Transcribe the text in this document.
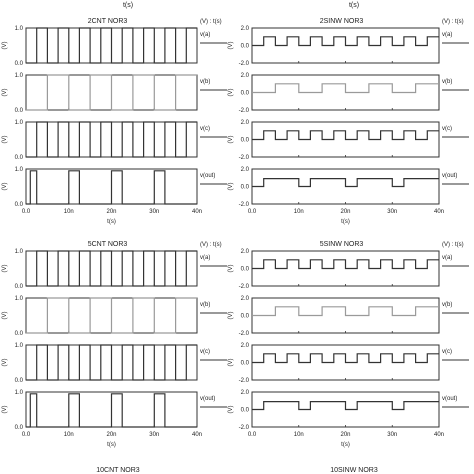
t(s)	t(s)
2CNT NOR3	(V) : t(s)
1.0
0.0
(V)
v(a)
1.0
0.0
(V)
v(b)
1.0
0.0
(V)
v(c)
1.0
0.0
(V)
v(out)
0.0	10n	20n	30n	40n
t(s)
2SINW NOR3	(V) : t(s)
2.0
0.0
-2.0
(V)
v(a)
2.0
0.0
-2.0
(V)
v(b)
2.0
0.0
-2.0
(V)
v(c)
2.0
0.0
-2.0
(V)
v(out)
0.0	10n	20n	30n	40n
t(s)
5CNT NOR3	(V) : t(s)
1.0
0.0
(V)
v(a)
1.0
0.0
(V)
v(b)
1.0
0.0
(V)
v(c)
1.0
0.0
(V)
v(out)
0.0	10n	20n	30n	40n
t(s)
5SINW NOR3	(V) : t(s)
2.0
0.0
-2.0
(V)
v(a)
2.0
0.0
-2.0
(V)
v(b)
2.0
0.0
-2.0
(V)
v(c)
2.0
0.0
-2.0
(V)
v(out)
0.0	10n	20n	30n	40n
t(s)
10CNT NOR3	10SINW NOR3
